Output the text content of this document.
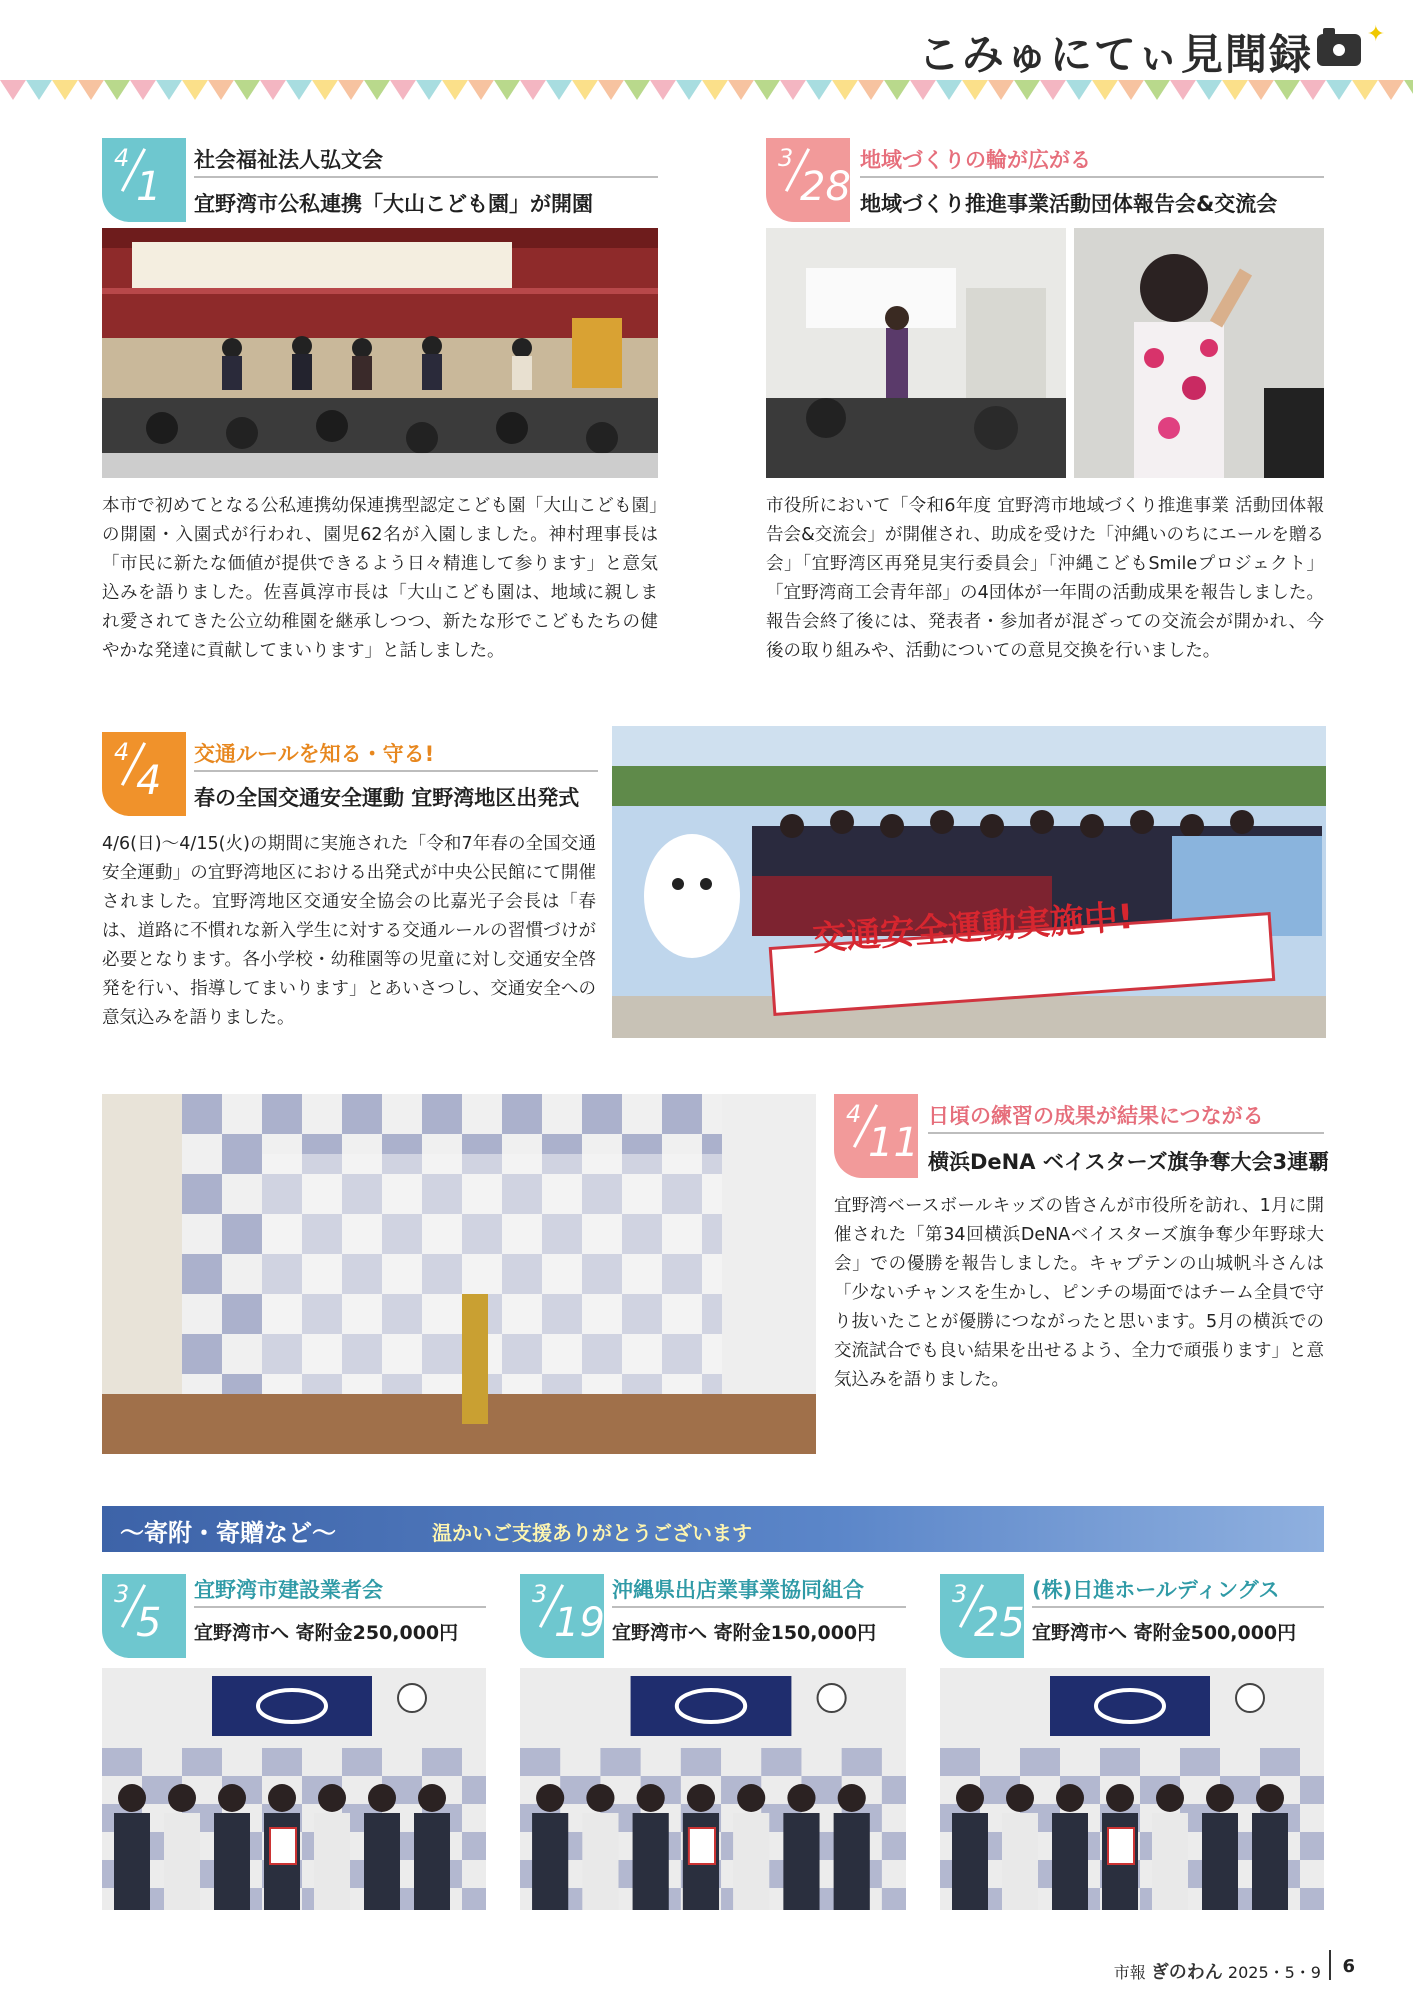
こみゅにてぃ見聞録 ✦
4
1
社会福祉法人弘文会
宜野湾市公私連携「大山こども園」が開園
本市で初めてとなる公私連携幼保連携型認定こども園「大山こども園」の開園・入園式が行われ、園児62名が入園しました。神村理事長は「市民に新たな価値が提供できるよう日々精進して参ります」と意気込みを語りました。佐喜眞淳市長は「大山こども園は、地域に親しまれ愛されてきた公立幼稚園を継承しつつ、新たな形でこどもたちの健やかな発達に貢献してまいります」と話しました。
3
28
地域づくりの輪が広がる
地域づくり推進事業活動団体報告会&交流会
市役所において「令和6年度 宜野湾市地域づくり推進事業 活動団体報告会&交流会」が開催され、助成を受けた「沖縄いのちにエールを贈る会」「宜野湾区再発見実行委員会」「沖縄こどもSmileプロジェクト」「宜野湾商工会青年部」の4団体が一年間の活動成果を報告しました。報告会終了後には、発表者・参加者が混ざっての交流会が開かれ、今後の取り組みや、活動についての意見交換を行いました。
4
4
交通ルールを知る・守る!
春の全国交通安全運動 宜野湾地区出発式
4/6(日)～4/15(火)の期間に実施された「令和7年春の全国交通安全運動」の宜野湾地区における出発式が中央公民館にて開催されました。宜野湾地区交通安全協会の比嘉光子会長は「春は、道路に不慣れな新入学生に対する交通ルールの習慣づけが必要となります。各小学校・幼稚園等の児童に対し交通安全啓発を行い、指導してまいります」とあいさつし、交通安全への意気込みを語りました。
交通安全運動実施中!
4
11
日頃の練習の成果が結果につながる
横浜DeNA ベイスターズ旗争奪大会3連覇
宜野湾ベースボールキッズの皆さんが市役所を訪れ、1月に開催された「第34回横浜DeNAベイスターズ旗争奪少年野球大会」での優勝を報告しました。キャプテンの山城帆斗さんは「少ないチャンスを生かし、ピンチの場面ではチーム全員で守り抜いたことが優勝につながったと思います。5月の横浜での交流試合でも良い結果を出せるよう、全力で頑張ります」と意気込みを語りました。
～寄附・寄贈など～	温かいご支援ありがとうございます
3
5
宜野湾市建設業者会
宜野湾市へ 寄附金250,000円
3
19
沖縄県出店業事業協同組合
宜野湾市へ 寄附金150,000円
3
25
(株)日進ホールディングス
宜野湾市へ 寄附金500,000円
市報 ぎのわん 2025・5・9 6
